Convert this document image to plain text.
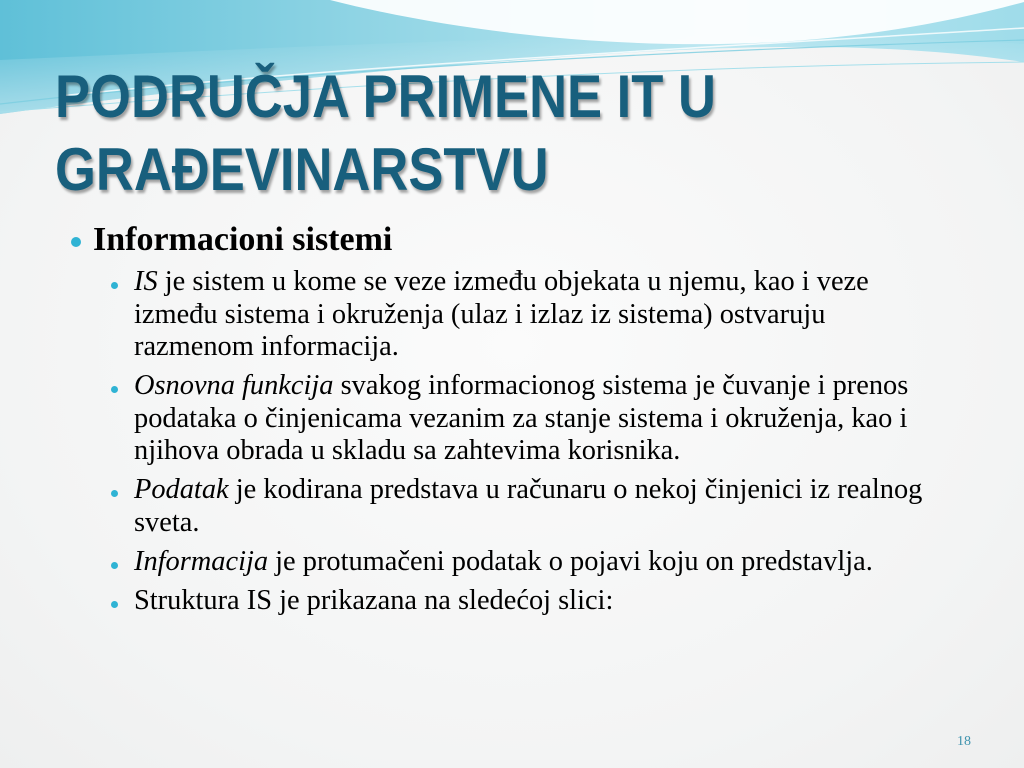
PODRUČJA PRIMENE IT U
GRAĐEVINARSTVU
Informacioni sistemi

IS je sistem u kome se veze između objekata u njemu, kao i veze između sistema i okruženja (ulaz i izlaz iz sistema) ostvaruju razmenom informacija.

Osnovna funkcija svakog informacionog sistema je čuvanje i prenos podataka o činjenicama vezanim za stanje sistema i okruženja, kao i njihova obrada u skladu sa zahtevima korisnika.

Podatak je kodirana predstava u računaru o nekoj činjenici iz realnog sveta.

Informacija je protumačeni podatak o pojavi koju on predstavlja.

Struktura IS je prikazana na sledećoj slici:

18
